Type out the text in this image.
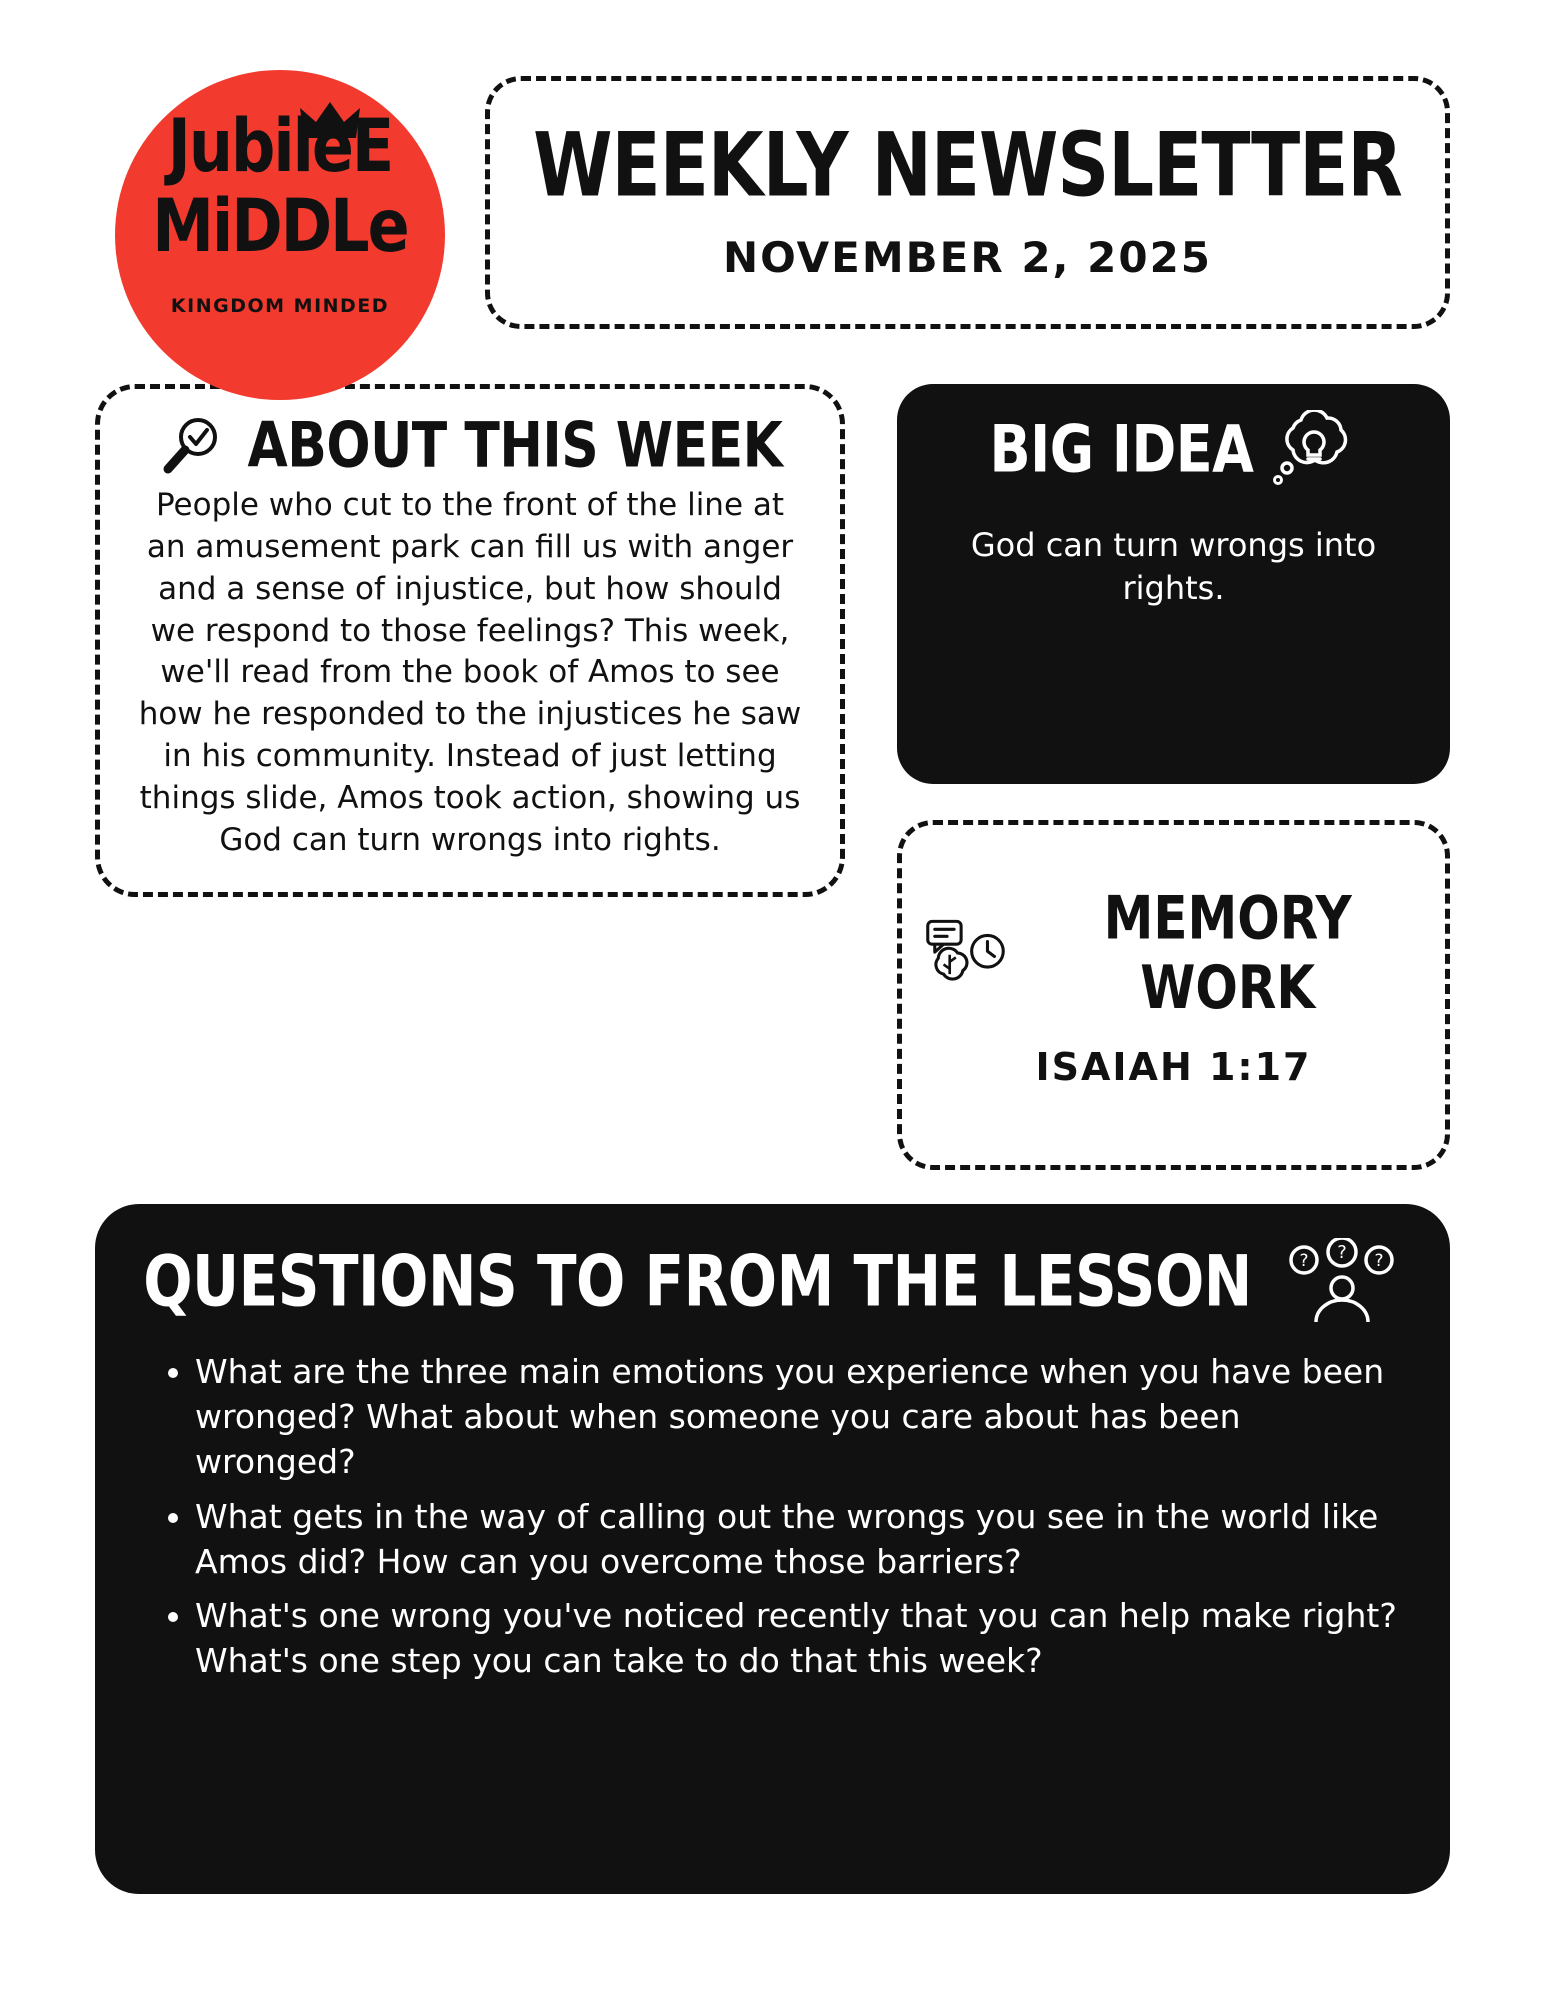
JubileE
MiDDLe
KINGDOM MINDED
WEEKLY NEWSLETTER
NOVEMBER 2, 2025
ABOUT THIS WEEK
People who cut to the front of the line at an amusement park can fill us with anger and a sense of injustice, but how should we respond to those feelings? This week, we'll read from the book of Amos to see how he responded to the injustices he saw in his community. Instead of just letting things slide, Amos took action, showing us God can turn wrongs into rights.
BIG IDEA
God can turn wrongs into rights.
MEMORY WORK
ISAIAH 1:17
QUESTIONS TO FROM THE LESSON	? ? ?
• What are the three main emotions you experience when you have been wronged? What about when someone you care about has been wronged?
• What gets in the way of calling out the wrongs you see in the world like Amos did? How can you overcome those barriers?
• What's one wrong you've noticed recently that you can help make right? What's one step you can take to do that this week?
